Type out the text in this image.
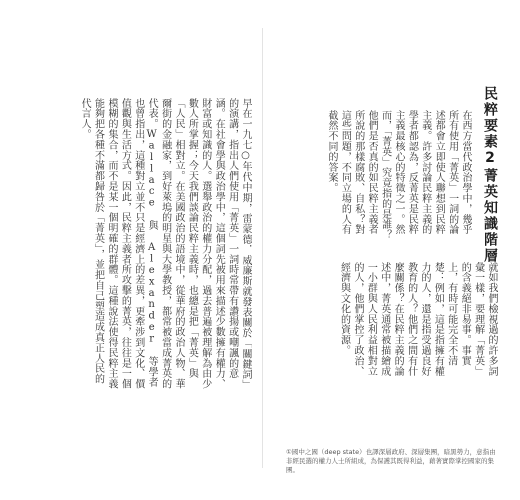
早在一九七○年代中期，雷蒙德．威廉斯就發表關於「關鍵詞」的演講，指出人們使用「菁英」一詞時常帶有讚揚或嘲諷的意涵。在社會學與政治學中，這個詞先被用來描述少數擁有權力、財富或知識的人。選舉政治的權力分配，過去普遍被理解為由少數人所掌握；今天我們談論民粹主義時，也總是把「菁英」與「人民」相對立。在美國政治的語境中，從華府的政治人物、華爾街的金融家，到好萊塢的明星與大學教授，都常被當成菁英的代表。Wallace 與 Alexander 等學者也曾指出，這種對立並不只是經濟上的差異，更牽涉到文化、價值觀與生活方式。因此，民粹主義者所攻擊的菁英，往往是一個模糊的集合，而不是某一個明確的群體。這種說法使得民粹主義能夠把各種不滿都歸咎於「菁英」，並把自己塑造成真正人民的代言人。	民粹要素2菁英知識階層
在西方當代政治學中，幾乎所有使用「菁英」一詞的論述都會立即使人聯想到民粹主義。許多討論民粹主義的學者都認為，反菁英是民粹主義最核心的特徵之一。然而，「菁英」究竟指的是誰？他們是否真的如民粹主義者所說的那樣腐敗、自私？對這些問題，不同立場的人有截然不同的答案。
就如我們檢視過的許多詞彙一樣，要理解「菁英」的含義絕非易事。事實上，有時可能完全不清楚：例如，這是指擁有權力的人，還是指受過良好教育的人？他們之間有什麼關係？在民粹主義的論述中，菁英通常被描繪成一小群與人民利益相對立的人，他們掌控了政治、經濟與文化的資源。
①國中之國（deep state）也譯深層政府、深層集團，暗黑勢力，意指由非經民選的權力人士所組成，為保護其既得利益，藉著實際掌控國家的集團。
